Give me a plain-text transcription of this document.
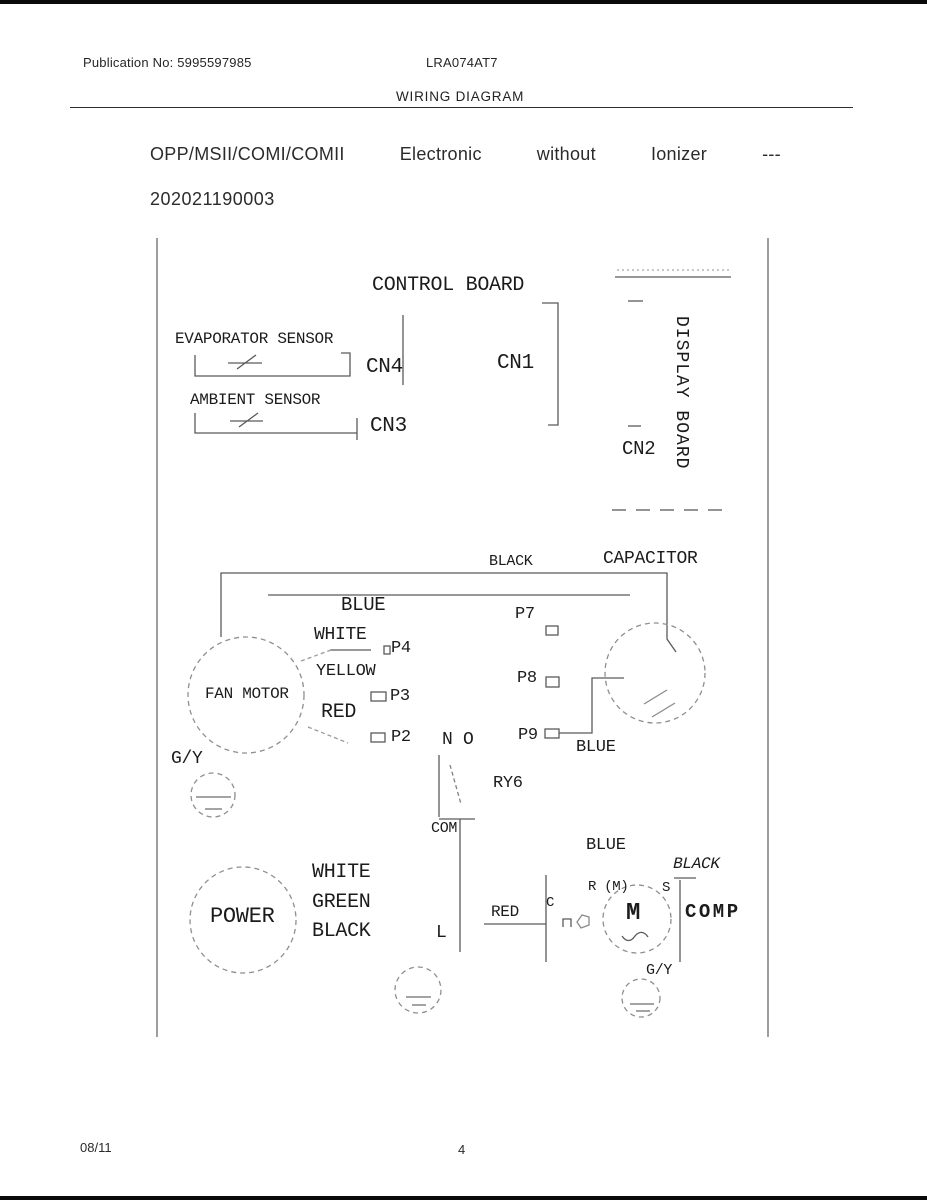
Publication No: 5995597985	LRA074AT7
WIRING DIAGRAM
OPP/MSII/COMI/COMII	Electronic	without	Ionizer	---
202021190003
CONTROL BOARD
EVAPORATOR SENSOR
CN4	CN1
AMBIENT SENSOR
CN3	DISPLAY BOARD
CN2
BLACK	CAPACITOR
BLUE
WHITE
P4
YELLOW
P3
RED
P2 N O
P7
P8
P9
BLUE
FAN MOTOR
G/Y
RY6
COM
BLUE
BLACK
R (M) S
POWER
WHITE
GREEN
BLACK	L
RED C	M COMP
G/Y
08/11	4
